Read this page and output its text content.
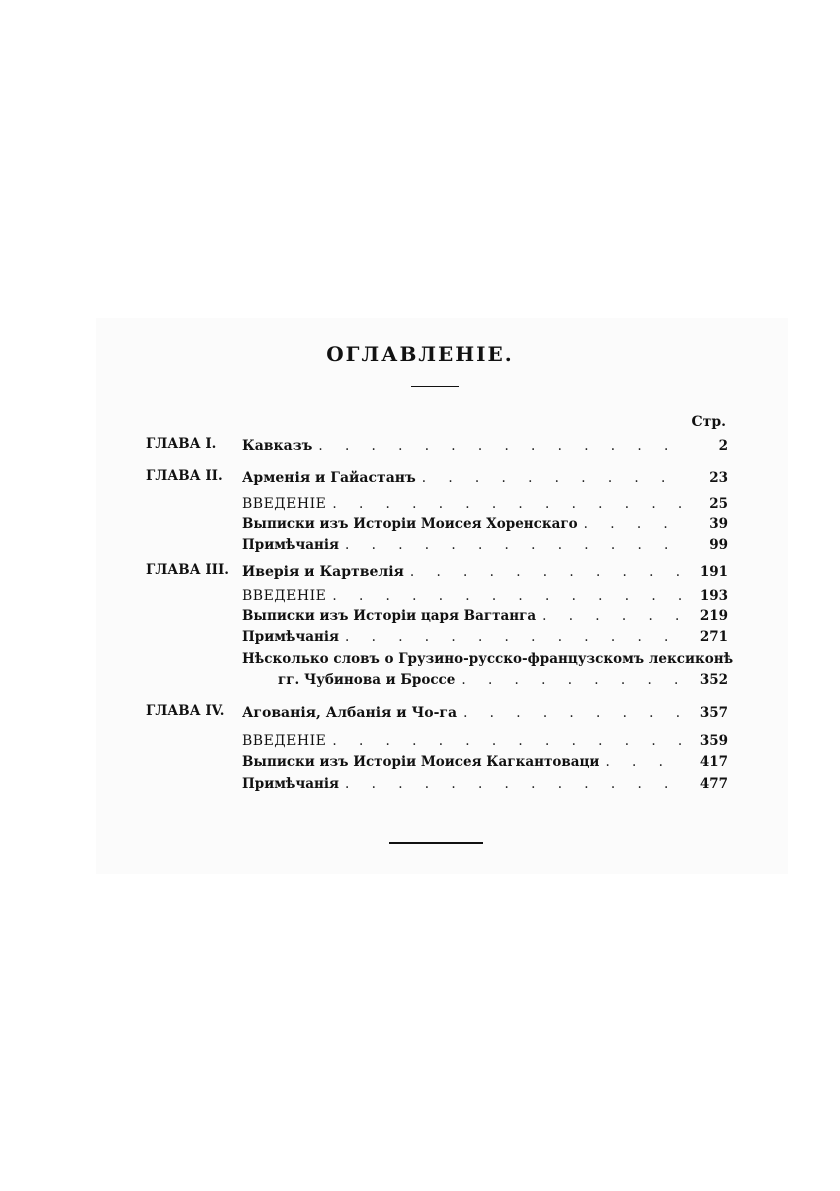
ОГЛАВЛЕНІЕ.
Стр.
ГЛАВА I. Кавказъ . . .	2
ГЛАВА II. Арменія и Гайастанъ . . .	23
ВВЕДЕНІЕ . . .	25
Выписки изъ Исторіи Моисея Хоренскаго . . .	39
Примѣчанія . . .	99
ГЛАВА III. Иверія и Картвелія . . .	191
ВВЕДЕНІЕ . . .	193
Выписки изъ Исторіи царя Вагтанга . . .	219
Примѣчанія . . .	271
Нѣсколько словъ о Грузино-русско-французскомъ лексиконѣ
гг. Чубинова и Броссе . . .	352
ГЛАВА IV. Агованія, Албанія и Чо-га . . .	357
ВВЕДЕНІЕ . . .	359
Выписки изъ Исторіи Моисея Кагкантоваци . . .	417
Примѣчанія . . .	477
